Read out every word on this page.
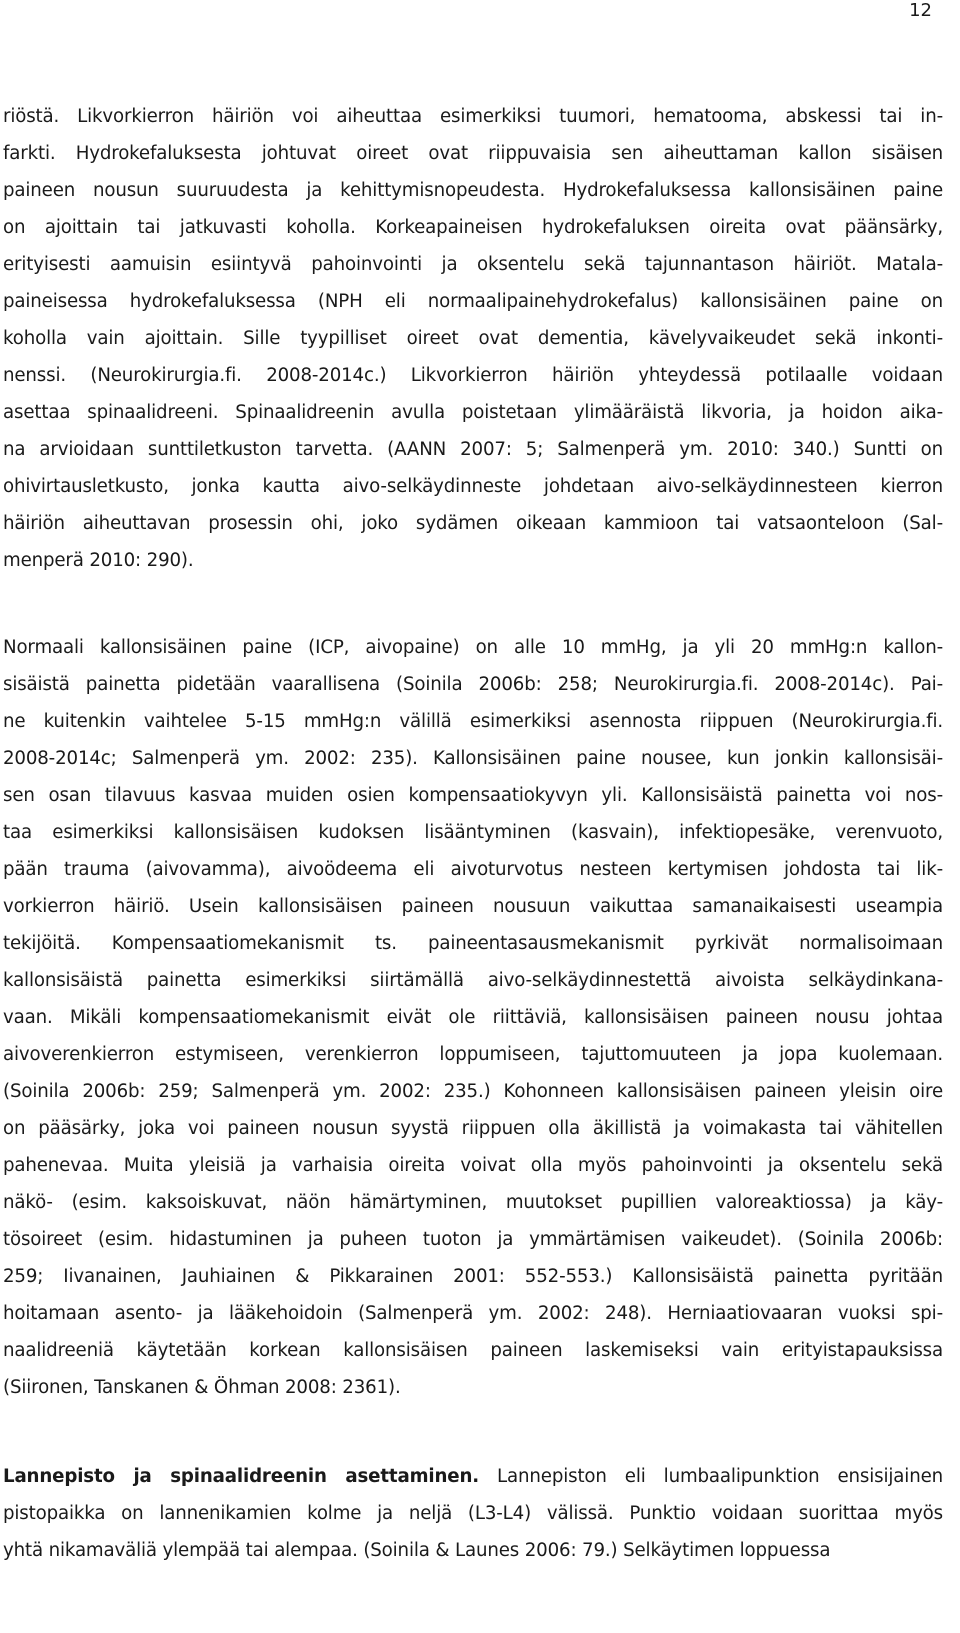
12
riöstä. Likvorkierron häiriön voi aiheuttaa esimerkiksi tuumori, hematooma, abskessi tai in-
farkti. Hydrokefaluksesta johtuvat oireet ovat riippuvaisia sen aiheuttaman kallon sisäisen
paineen nousun suuruudesta ja kehittymisnopeudesta. Hydrokefaluksessa kallonsisäinen paine
on ajoittain tai jatkuvasti koholla. Korkeapaineisen hydrokefaluksen oireita ovat päänsärky,
erityisesti aamuisin esiintyvä pahoinvointi ja oksentelu sekä tajunnantason häiriöt. Matala-
paineisessa hydrokefaluksessa (NPH eli normaalipainehydrokefalus) kallonsisäinen paine on
koholla vain ajoittain. Sille tyypilliset oireet ovat dementia, kävelyvaikeudet sekä inkonti-
nenssi. (Neurokirurgia.fi. 2008-2014c.) Likvorkierron häiriön yhteydessä potilaalle voidaan
asettaa spinaalidreeni. Spinaalidreenin avulla poistetaan ylimääräistä likvoria, ja hoidon aika-
na arvioidaan sunttiletkuston tarvetta. (AANN 2007: 5; Salmenperä ym. 2010: 340.) Suntti on
ohivirtausletkusto, jonka kautta aivo-selkäydinneste johdetaan aivo-selkäydinnesteen kierron
häiriön aiheuttavan prosessin ohi, joko sydämen oikeaan kammioon tai vatsaonteloon (Sal-
menperä 2010: 290).
Normaali kallonsisäinen paine (ICP, aivopaine) on alle 10 mmHg, ja yli 20 mmHg:n kallon-
sisäistä painetta pidetään vaarallisena (Soinila 2006b: 258; Neurokirurgia.fi. 2008-2014c). Pai-
ne kuitenkin vaihtelee 5-15 mmHg:n välillä esimerkiksi asennosta riippuen (Neurokirurgia.fi.
2008-2014c; Salmenperä ym. 2002: 235). Kallonsisäinen paine nousee, kun jonkin kallonsisäi-
sen osan tilavuus kasvaa muiden osien kompensaatiokyvyn yli. Kallonsisäistä painetta voi nos-
taa esimerkiksi kallonsisäisen kudoksen lisääntyminen (kasvain), infektiopesäke, verenvuoto,
pään trauma (aivovamma), aivoödeema eli aivoturvotus nesteen kertymisen johdosta tai lik-
vorkierron häiriö. Usein kallonsisäisen paineen nousuun vaikuttaa samanaikaisesti useampia
tekijöitä. Kompensaatiomekanismit ts. paineentasausmekanismit pyrkivät normalisoimaan
kallonsisäistä painetta esimerkiksi siirtämällä aivo-selkäydinnestettä aivoista selkäydinkana-
vaan. Mikäli kompensaatiomekanismit eivät ole riittäviä, kallonsisäisen paineen nousu johtaa
aivoverenkierron estymiseen, verenkierron loppumiseen, tajuttomuuteen ja jopa kuolemaan.
(Soinila 2006b: 259; Salmenperä ym. 2002: 235.) Kohonneen kallonsisäisen paineen yleisin oire
on pääsärky, joka voi paineen nousun syystä riippuen olla äkillistä ja voimakasta tai vähitellen
pahenevaa. Muita yleisiä ja varhaisia oireita voivat olla myös pahoinvointi ja oksentelu sekä
näkö- (esim. kaksoiskuvat, näön hämärtyminen, muutokset pupillien valoreaktiossa) ja käy-
tösoireet (esim. hidastuminen ja puheen tuoton ja ymmärtämisen vaikeudet). (Soinila 2006b:
259; Iivanainen, Jauhiainen & Pikkarainen 2001: 552-553.) Kallonsisäistä painetta pyritään
hoitamaan asento- ja lääkehoidoin (Salmenperä ym. 2002: 248). Herniaatiovaaran vuoksi spi-
naalidreeniä käytetään korkean kallonsisäisen paineen laskemiseksi vain erityistapauksissa
(Siironen, Tanskanen & Öhman 2008: 2361).
Lannepisto ja spinaalidreenin asettaminen. Lannepiston eli lumbaalipunktion ensisijainen
pistopaikka on lannenikamien kolme ja neljä (L3-L4) välissä. Punktio voidaan suorittaa myös
yhtä nikamaväliä ylempää tai alempaa. (Soinila & Launes 2006: 79.) Selkäytimen loppuessa
